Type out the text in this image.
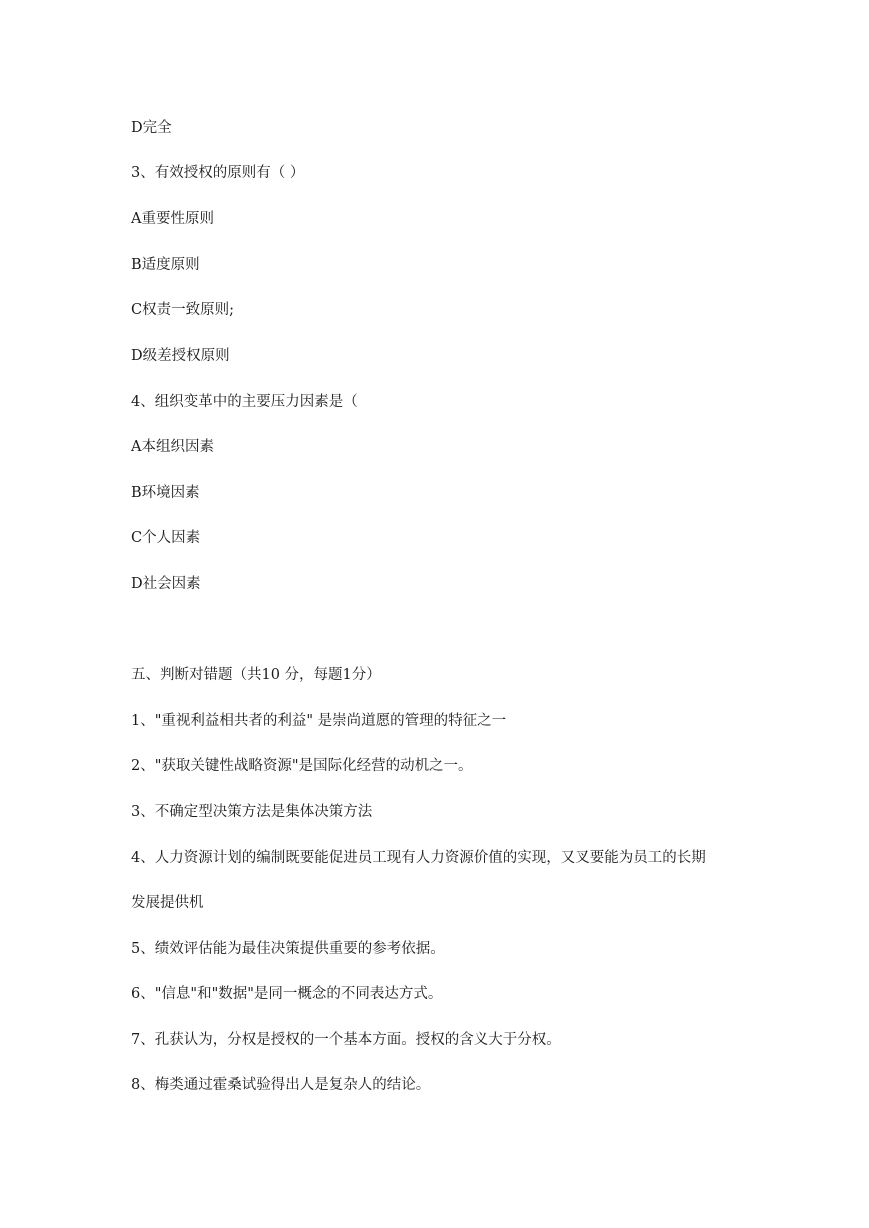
D完全

3、有效授权的原则有（ ）

A重要性原则

B适度原则

C权责一致原则;

D级差授权原则

4、组织变革中的主要压力因素是（

A本组织因素

B环境因素

C个人因素

D社会因素

五、判断对错题（共10 分，每题1分）

1、"重视利益相共者的利益" 是崇尚道愿的管理的特征之一

2、"获取关键性战略资源"是国际化经营的动机之一。

3、不确定型决策方法是集体决策方法

4、人力资源计划的编制既要能促进员工现有人力资源价值的实现，又叉要能为员工的长期

发展提供机

5、绩效评估能为最佳决策提供重要的参考依据。

6、"信息"和"数据"是同一概念的不同表达方式。

7、孔获认为，分权是授权的一个基本方面。授权的含义大于分权。

8、梅类通过霍桑试验得出人是复杂人的结论。
